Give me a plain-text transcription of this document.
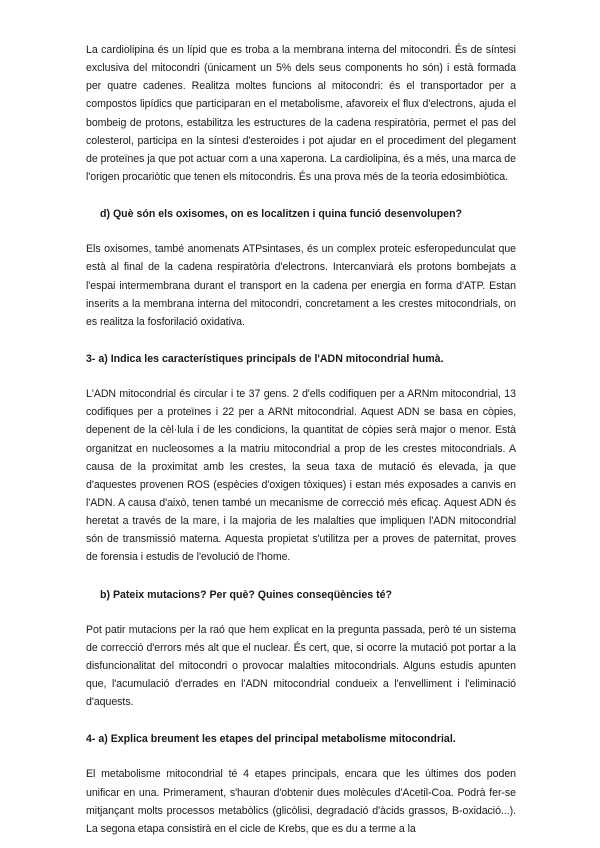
La cardiolipina és un lípid que es troba a la membrana interna del mitocondri. És de síntesi exclusiva del mitocondri (únicament un 5% dels seus components ho són) i està formada per quatre cadenes. Realitza moltes funcions al mitocondri: és el transportador per a compostos lipídics que participaran en el metabolisme, afavoreix el flux d'electrons, ajuda el bombeig de protons, estabilitza les estructures de la cadena respiratòria, permet el pas del colesterol, participa en la síntesi d'esteroides i pot ajudar en el procediment del plegament de proteïnes ja que pot actuar com a una xaperona. La cardiolipina, és a més, una marca de l'origen procariòtic que tenen els mitocondris. És una prova més de la teoria edosimbiòtica.

d) Què són els oxisomes, on es localitzen i quina funció desenvolupen?

Els oxisomes, també anomenats ATPsintases, és un complex proteic esferopedunculat que està al final de la cadena respiratòria d'electrons. Intercanviarà els protons bombejats a l'espai intermembrana durant el transport en la cadena per energia en forma d'ATP. Estan inserits a la membrana interna del mitocondri, concretament a les crestes mitocondrials, on es realitza la fosforilació oxidativa.

3- a) Indica les característiques principals de l'ADN mitocondrial humà.

L'ADN mitocondrial és circular i te 37 gens. 2 d'ells codifiquen per a ARNm mitocondrial, 13 codifiques per a proteïnes i 22 per a ARNt mitocondrial. Aquest ADN se basa en còpies, depenent de la cèl·lula i de les condicions, la quantitat de còpies serà major o menor. Està organitzat en nucleosomes a la matriu mitocondrial a prop de les crestes mitocondrials. A causa de la proximitat amb les crestes, la seua taxa de mutació és elevada, ja que d'aquestes provenen ROS (espècies d'oxigen tòxiques) i estan més exposades a canvis en l'ADN. A causa d'això, tenen també un mecanisme de correcció més eficaç. Aquest ADN és heretat a través de la mare, i la majoria de les malalties que impliquen l'ADN mitocondrial són de transmissió materna. Aquesta propietat s'utilitza per a proves de paternitat, proves de forensia i estudis de l'evolució de l'home.

b) Pateix mutacions? Per què? Quines conseqüències té?

Pot patir mutacions per la raó que hem explicat en la pregunta passada, però té un sistema de correcció d'errors més alt que el nuclear. És cert, que, si ocorre la mutació pot portar a la disfuncionalitat del mitocondri o provocar malalties mitocondrials. Alguns estudis apunten que, l'acumulació d'errades en l'ADN mitocondrial condueix a l'envelliment i l'eliminació d'aquests.

4- a) Explica breument les etapes del principal metabolisme mitocondrial.

El metabolisme mitocondrial té 4 etapes principals, encara que les últimes dos poden unificar en una. Primerament, s'hauran d'obtenir dues molècules d'Acetil-Coa. Podrà fer-se mitjançant molts processos metabòlics (glicòlisi, degradació d'àcids grassos, B-oxidació...). La segona etapa consistirà en el cicle de Krebs, que es du a terme a la
